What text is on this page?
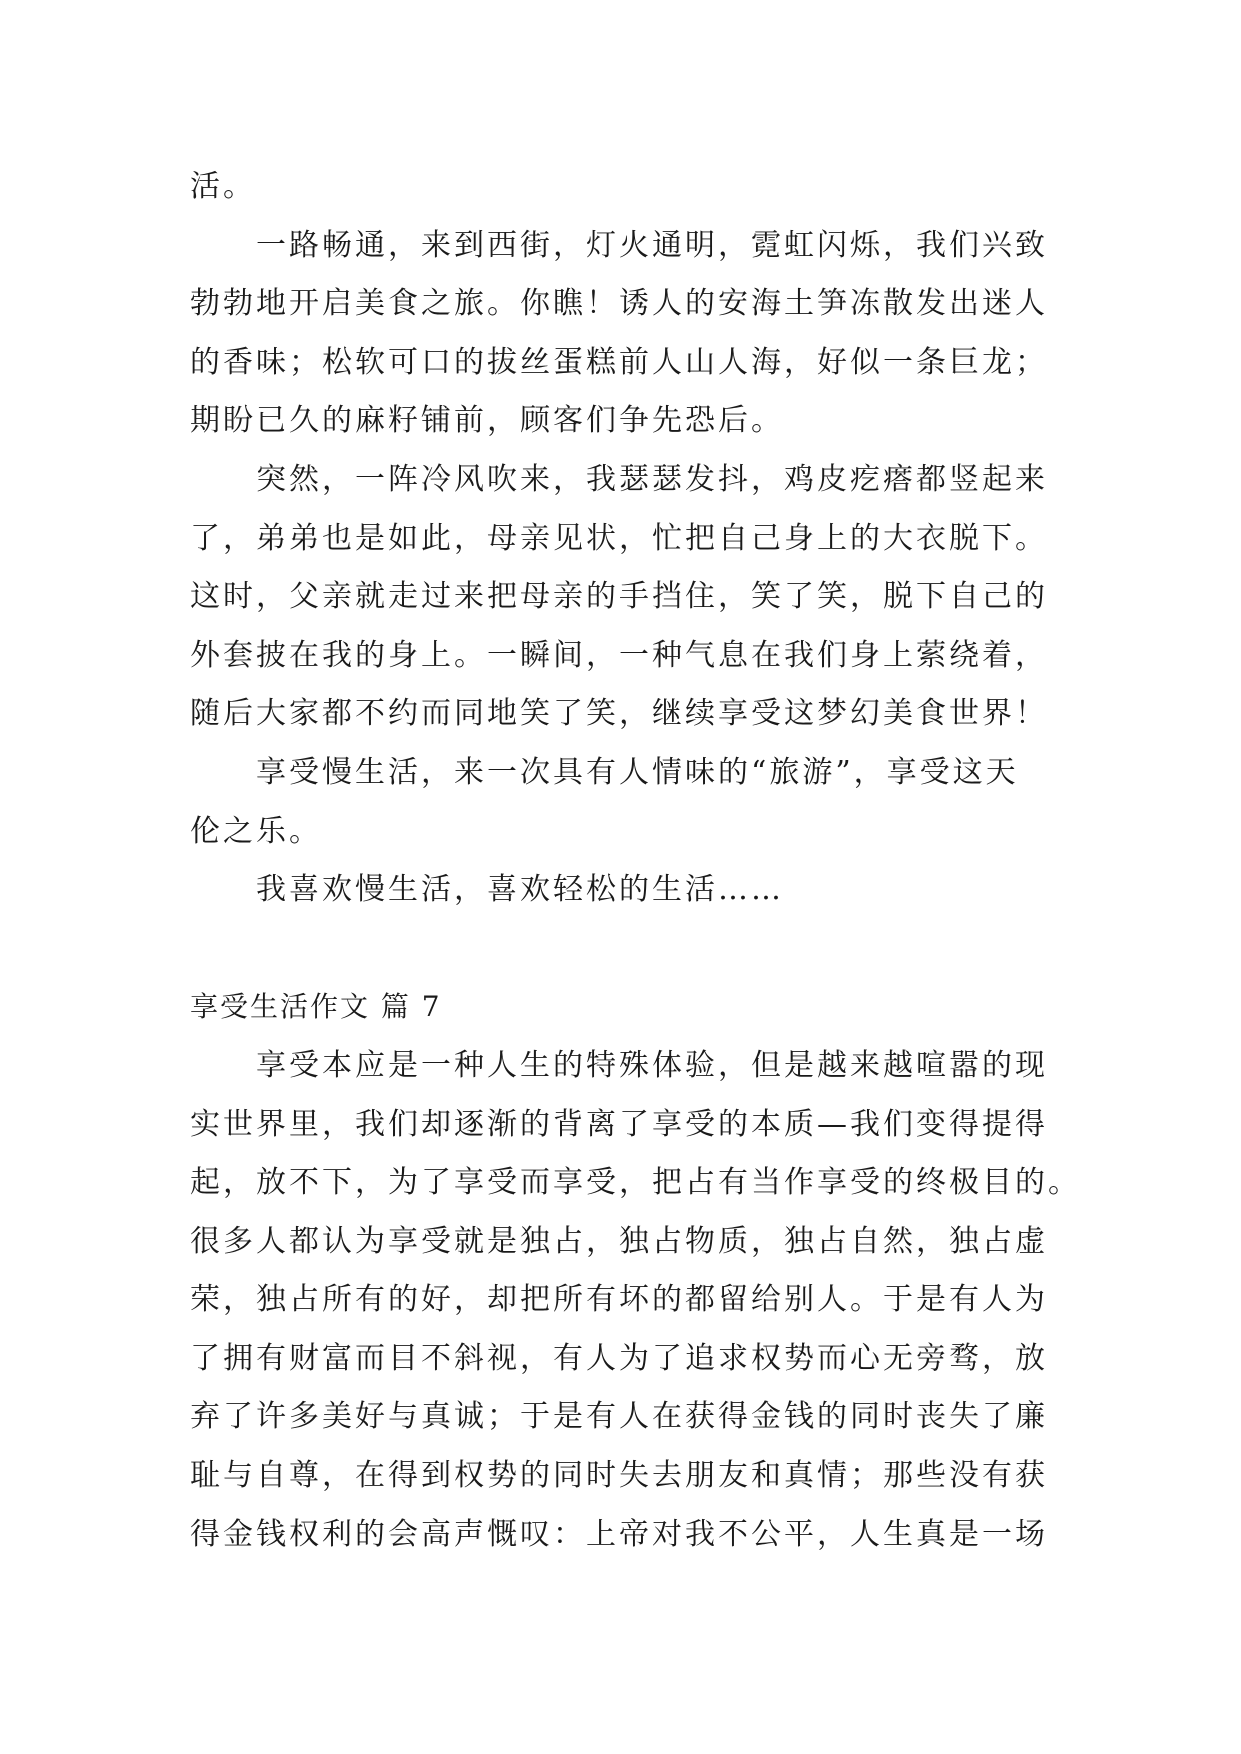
活。
一路畅通，来到西街，灯火通明，霓虹闪烁，我们兴致
勃勃地开启美食之旅。你瞧！诱人的安海土笋冻散发出迷人
的香味；松软可口的拔丝蛋糕前人山人海，好似一条巨龙；
期盼已久的麻籽铺前，顾客们争先恐后。
突然，一阵冷风吹来，我瑟瑟发抖，鸡皮疙瘩都竖起来
了，弟弟也是如此，母亲见状，忙把自己身上的大衣脱下。
这时，父亲就走过来把母亲的手挡住，笑了笑，脱下自己的
外套披在我的身上。一瞬间，一种气息在我们身上萦绕着，
随后大家都不约而同地笑了笑，继续享受这梦幻美食世界！
享受慢生活，来一次具有人情味的“旅游”，享受这天
伦之乐。
我喜欢慢生活，喜欢轻松的生活……
享受生活作文 篇 7
享受本应是一种人生的特殊体验，但是越来越喧嚣的现
实世界里，我们却逐渐的背离了享受的本质—我们变得提得
起，放不下，为了享受而享受，把占有当作享受的终极目的。
很多人都认为享受就是独占，独占物质，独占自然，独占虚
荣，独占所有的好，却把所有坏的都留给别人。于是有人为
了拥有财富而目不斜视，有人为了追求权势而心无旁骛，放
弃了许多美好与真诚；于是有人在获得金钱的同时丧失了廉
耻与自尊，在得到权势的同时失去朋友和真情；那些没有获
得金钱权利的会高声慨叹：上帝对我不公平，人生真是一场
